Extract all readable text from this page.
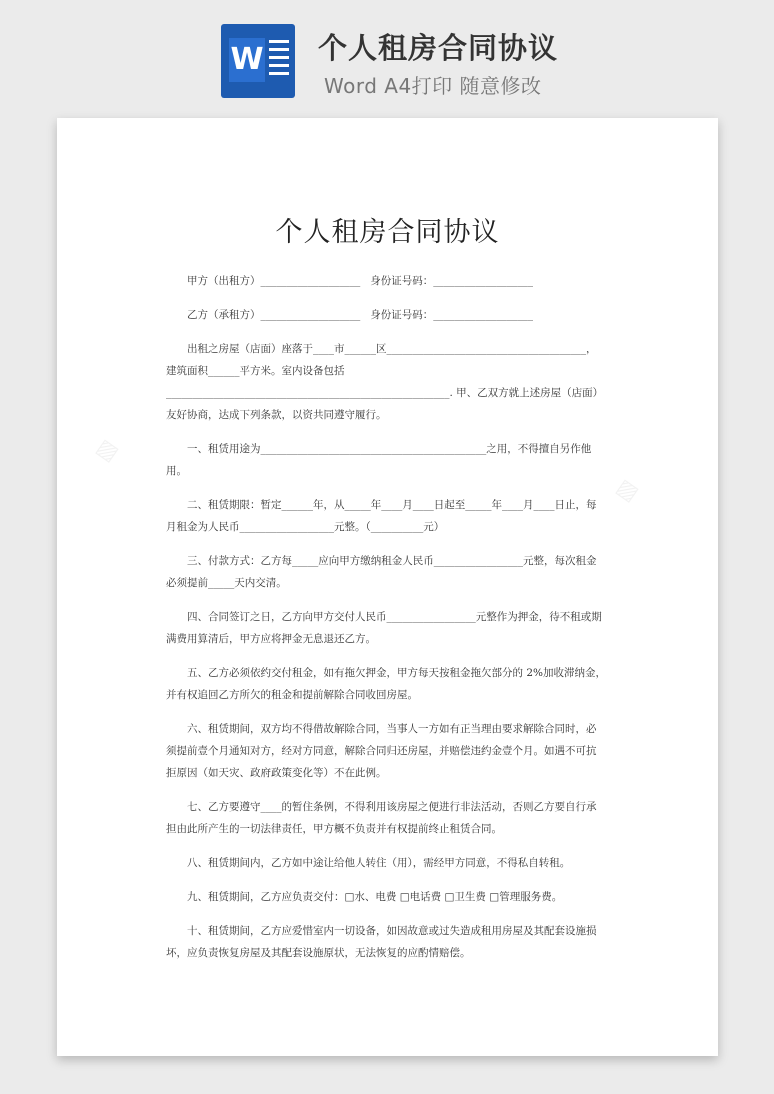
W 个人租房合同协议
Word A4打印 随意修改
▨
▨
个人租房合同协议

甲方（出租方）___________________   身份证号码：___________________

乙方（承租方）___________________   身份证号码：___________________

出租之房屋（店面）座落于____市______区______________________________________，建筑面积______平方米。室内设备包括______________________________________________________. 甲、乙双方就上述房屋（店面）友好协商，达成下列条款，以资共同遵守履行。

一、租赁用途为___________________________________________之用，不得擅自另作他用。

二、租赁期限：暂定______年，从_____年____月____日起至_____年____月____日止，每月租金为人民币__________________元整。（__________元）

三、付款方式：乙方每_____应向甲方缴纳租金人民币_________________元整，每次租金必须提前_____天内交清。

四、合同签订之日，乙方向甲方交付人民币_________________元整作为押金，待不租或期满费用算清后，甲方应将押金无息退还乙方。

五、乙方必须依约交付租金，如有拖欠押金，甲方每天按租金拖欠部分的 2%加收滞纳金，并有权追回乙方所欠的租金和提前解除合同收回房屋。

六、租赁期间，双方均不得借故解除合同，当事人一方如有正当理由要求解除合同时，必须提前壹个月通知对方，经对方同意，解除合同归还房屋，并赔偿违约金壹个月。如遇不可抗拒原因（如天灾、政府政策变化等）不在此例。

七、乙方要遵守____的暂住条例，不得利用该房屋之便进行非法活动，否则乙方要自行承担由此所产生的一切法律责任，甲方概不负责并有权提前终止租赁合同。

八、租赁期间内，乙方如中途让给他人转住（用），需经甲方同意，不得私自转租。

九、租赁期间，乙方应负责交付：□水、电费 □电话费 □卫生费 □管理服务费。

十、租赁期间，乙方应爱惜室内一切设备，如因故意或过失造成租用房屋及其配套设施损坏，应负责恢复房屋及其配套设施原状，无法恢复的应酌情赔偿。
